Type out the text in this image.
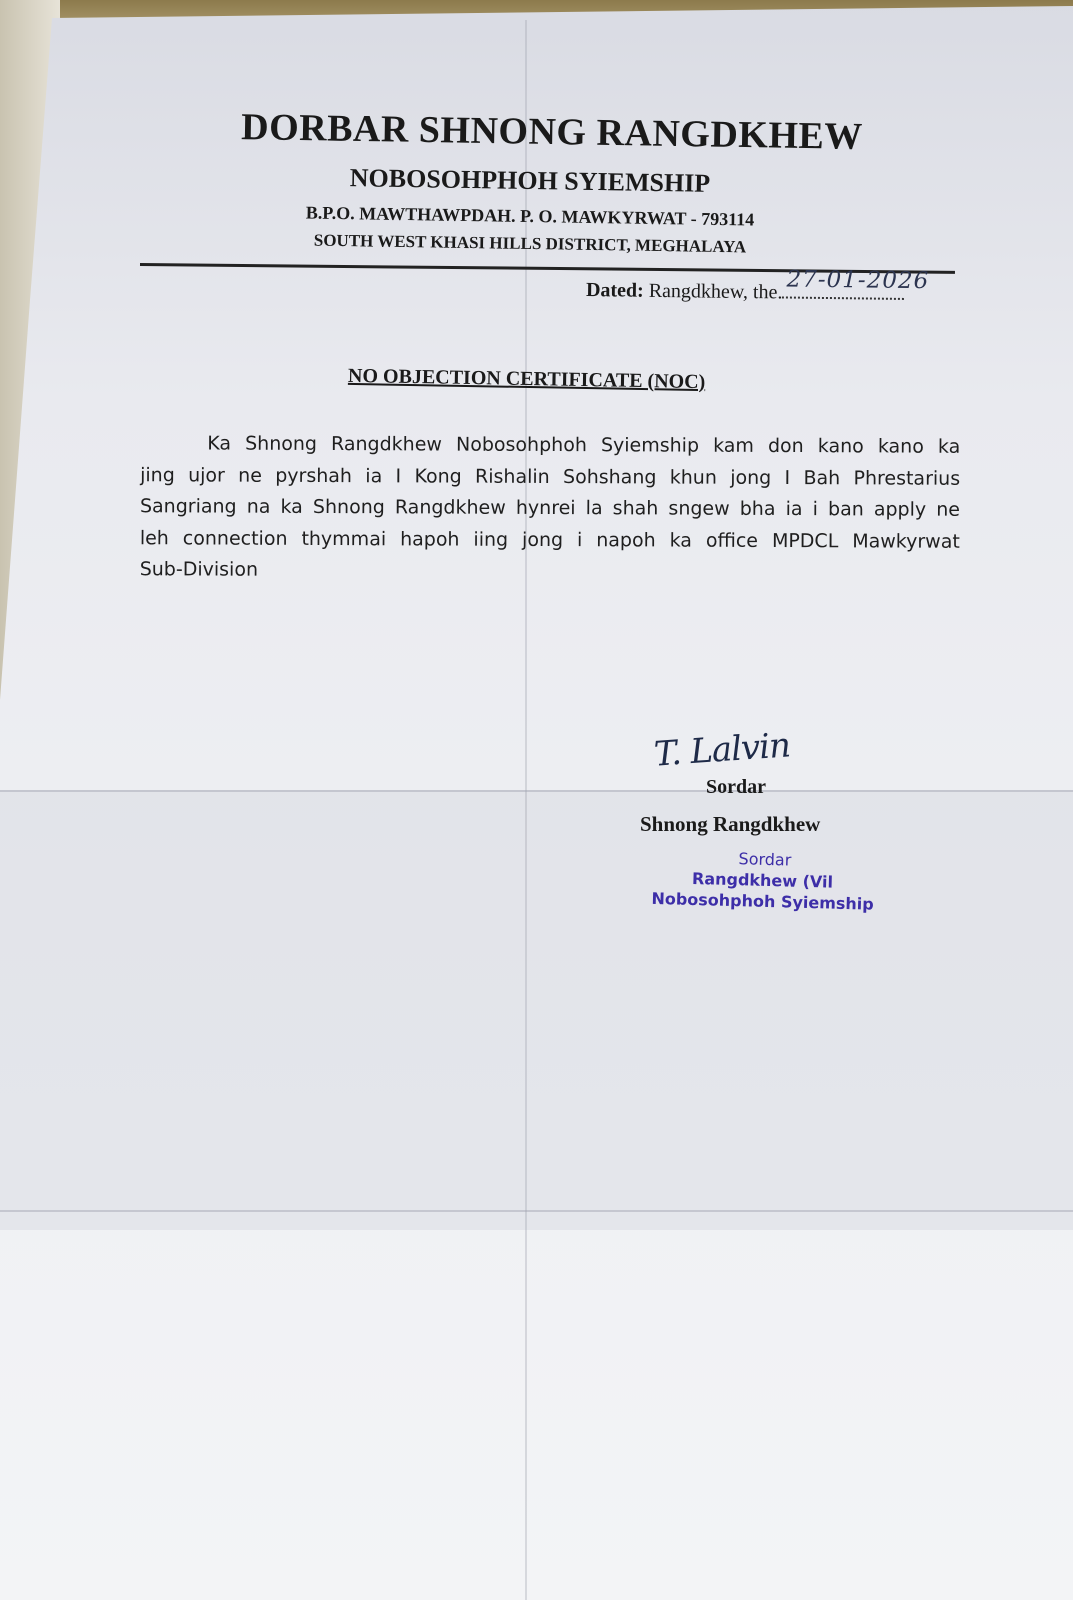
DORBAR SHNONG RANGDKHEW
NOBOSOHPHOH SYIEMSHIP
B.P.O. MAWTHAWPDAH. P. O. MAWKYRWAT - 793114
SOUTH WEST KHASI HILLS DISTRICT, MEGHALAYA
Dated: Rangdkhew, the. 27-01-2026
NO OBJECTION CERTIFICATE (NOC)
Ka Shnong Rangdkhew Nobosohphoh Syiemship kam don kano kano ka
jing ujor ne pyrshah ia I Kong Rishalin Sohshang khun jong I Bah Phrestarius
Sangriang na ka Shnong Rangdkhew hynrei la shah sngew bha ia i ban apply ne
leh connection thymmai hapoh iing jong i napoh ka office MPDCL Mawkyrwat
Sub-Division
T. Lalvin
Sordar
Shnong Rangdkhew
Sordar
Rangdkhew (Vil
Nobosohphoh Syiemship
